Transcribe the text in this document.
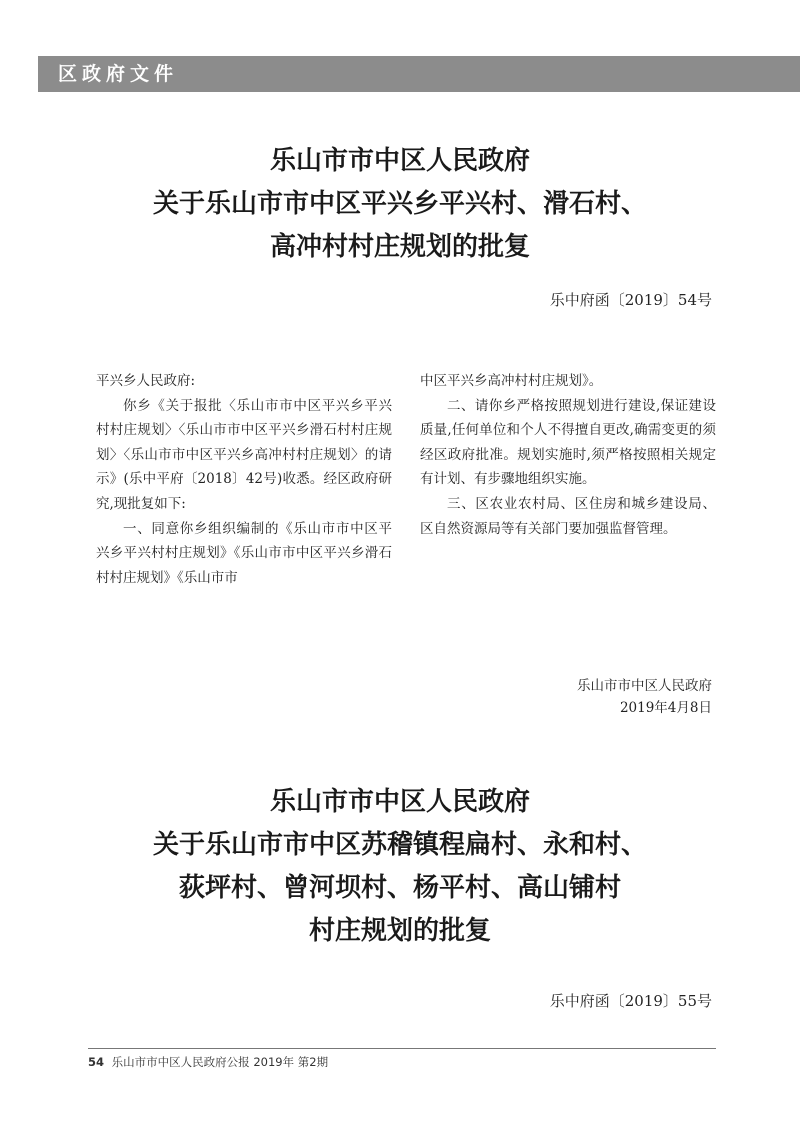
区政府文件
乐山市市中区人民政府
关于乐山市市中区平兴乡平兴村、滑石村、
高冲村村庄规划的批复
乐中府函〔2019〕54号

平兴乡人民政府:

你乡《关于报批〈乐山市市中区平兴乡平兴村村庄规划〉〈乐山市市中区平兴乡滑石村村庄规划〉〈乐山市市中区平兴乡高冲村村庄规划〉的请示》(乐中平府〔2018〕42号)收悉。经区政府研究,现批复如下:

一、同意你乡组织编制的《乐山市市中区平兴乡平兴村村庄规划》《乐山市市中区平兴乡滑石村村庄规划》《乐山市市

中区平兴乡高冲村村庄规划》。

二、请你乡严格按照规划进行建设,保证建设质量,任何单位和个人不得擅自更改,确需变更的须经区政府批准。规划实施时,须严格按照相关规定有计划、有步骤地组织实施。

三、区农业农村局、区住房和城乡建设局、区自然资源局等有关部门要加强监督管理。

乐山市市中区人民政府
2019年4月8日
乐山市市中区人民政府
关于乐山市市中区苏稽镇程扁村、永和村、
荻坪村、曾河坝村、杨平村、高山铺村
村庄规划的批复
乐中府函〔2019〕55号
54 乐山市市中区人民政府公报 2019年 第2期
